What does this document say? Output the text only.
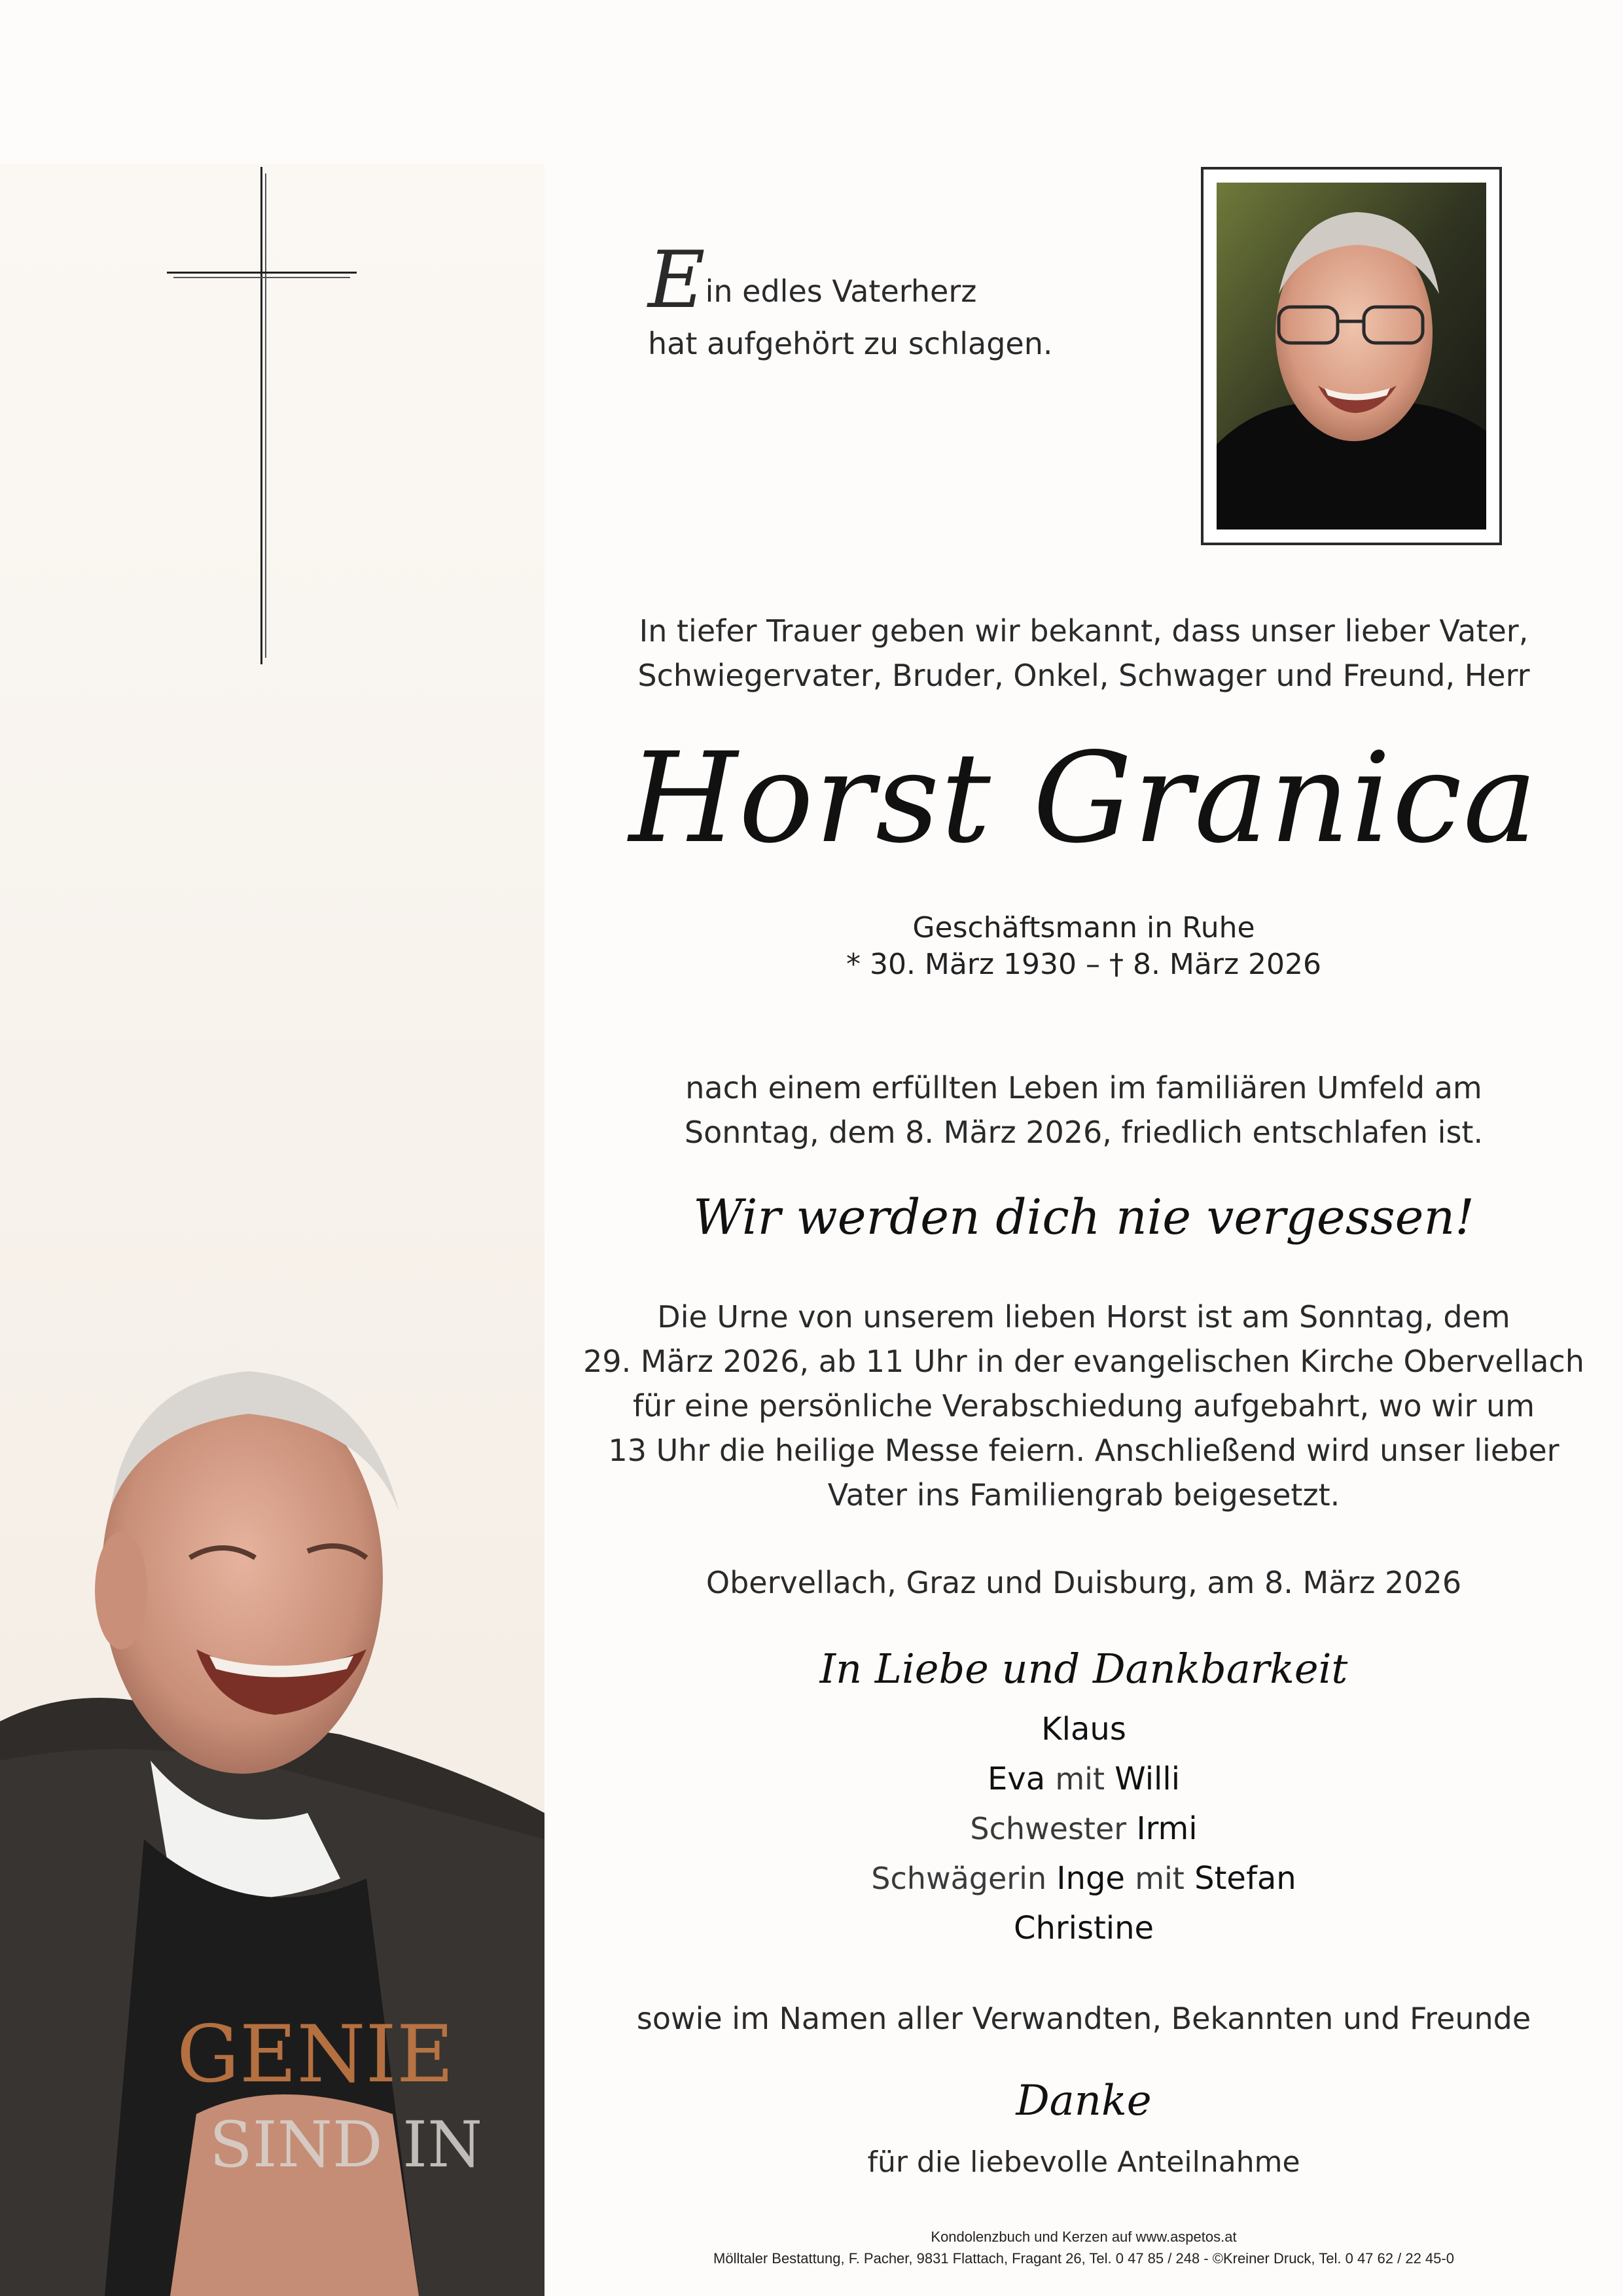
GENIE
SIND IN
Ein edles Vaterherz
hat aufgehört zu schlagen.
In tiefer Trauer geben wir bekannt, dass unser lieber Vater,
Schwiegervater, Bruder, Onkel, Schwager und Freund, Herr
Horst Granica
Geschäftsmann in Ruhe
* 30. März 1930 – † 8. März 2026
nach einem erfüllten Leben im familiären Umfeld am
Sonntag, dem 8. März 2026, friedlich entschlafen ist.
Wir werden dich nie vergessen!
Die Urne von unserem lieben Horst ist am Sonntag, dem
29. März 2026, ab 11 Uhr in der evangelischen Kirche Obervellach
für eine persönliche Verabschiedung aufgebahrt, wo wir um
13 Uhr die heilige Messe feiern. Anschließend wird unser lieber
Vater ins Familiengrab beigesetzt.
Obervellach, Graz und Duisburg, am 8. März 2026
In Liebe und Dankbarkeit
Klaus
Eva mit Willi
Schwester Irmi
Schwägerin Inge mit Stefan
Christine
sowie im Namen aller Verwandten, Bekannten und Freunde
Danke
für die liebevolle Anteilnahme
Kondolenzbuch und Kerzen auf www.aspetos.at
Mölltaler Bestattung, F. Pacher, 9831 Flattach, Fragant 26, Tel. 0 47 85 / 248 - ©Kreiner Druck, Tel. 0 47 62 / 22 45-0
